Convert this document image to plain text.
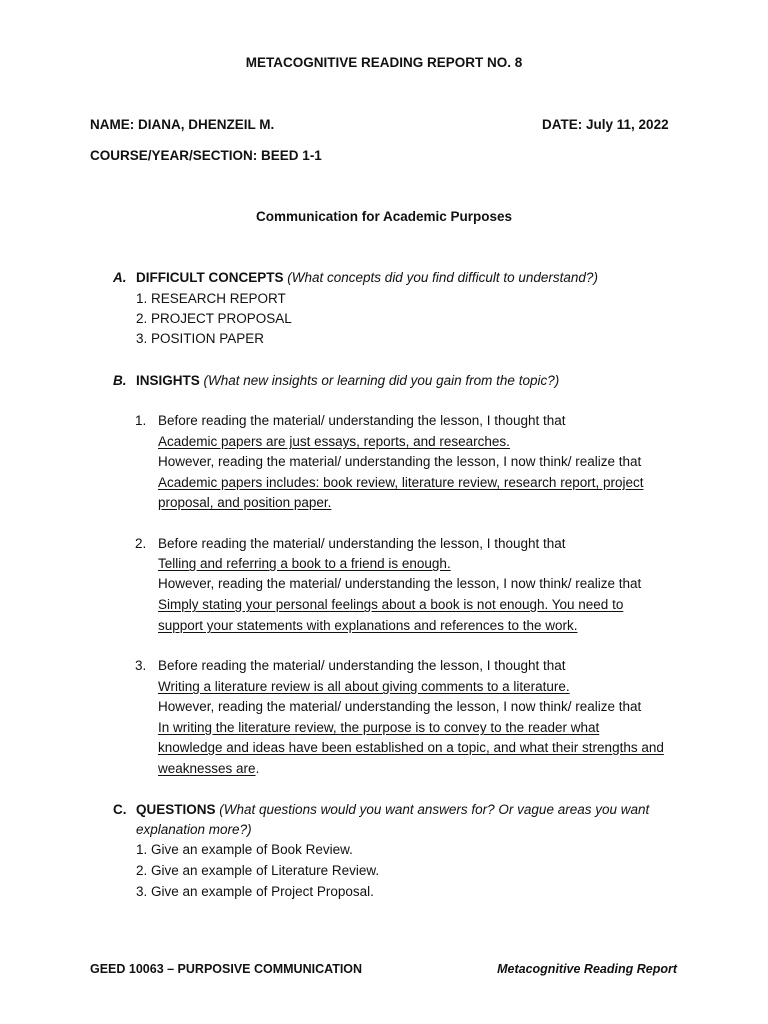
METACOGNITIVE READING REPORT NO. 8
NAME: DIANA, DHENZEIL M.	DATE: July 11, 2022
COURSE/YEAR/SECTION: BEED 1-1
Communication for Academic Purposes
A. DIFFICULT CONCEPTS (What concepts did you find difficult to understand?)
1. RESEARCH REPORT
2. PROJECT PROPOSAL
3. POSITION PAPER
B. INSIGHTS (What new insights or learning did you gain from the topic?)
1. Before reading the material/ understanding the lesson, I thought that
Academic papers are just essays, reports, and researches.
However, reading the material/ understanding the lesson, I now think/ realize that
Academic papers includes: book review, literature review, research report, project
proposal, and position paper.
2. Before reading the material/ understanding the lesson, I thought that
Telling and referring a book to a friend is enough.
However, reading the material/ understanding the lesson, I now think/ realize that
Simply stating your personal feelings about a book is not enough. You need to
support your statements with explanations and references to the work.
3. Before reading the material/ understanding the lesson, I thought that
Writing a literature review is all about giving comments to a literature.
However, reading the material/ understanding the lesson, I now think/ realize that
In writing the literature review, the purpose is to convey to the reader what
knowledge and ideas have been established on a topic, and what their strengths and
weaknesses are.
C. QUESTIONS (What questions would you want answers for? Or vague areas you want
explanation more?)
1. Give an example of Book Review.
2. Give an example of Literature Review.
3. Give an example of Project Proposal.
GEED 10063 – PURPOSIVE COMMUNICATION	Metacognitive Reading Report
